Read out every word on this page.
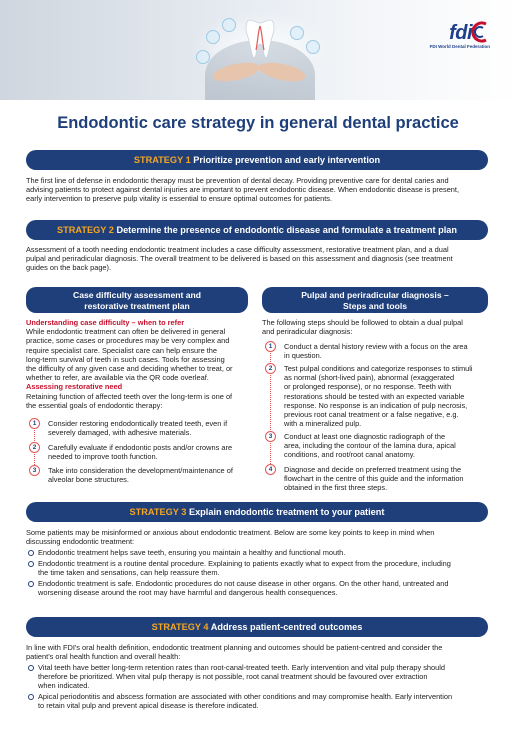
fdi
FDI World Dental Federation
Endodontic care strategy in general dental practice
STRATEGY 1 Prioritize prevention and early intervention
The first line of defense in endodontic therapy must be prevention of dental decay. Providing preventive care for dental caries and
advising patients to protect against dental injuries are important to prevent endodontic disease. When endodontic disease is present,
early intervention to preserve pulp vitality is essential to ensure optimal outcomes for patients.
STRATEGY 2 Determine the presence of endodontic disease and formulate a treatment plan
Assessment of a tooth needing endodontic treatment includes a case difficulty assessment, restorative treatment plan, and a dual
pulpal and periradicular diagnosis. The overall treatment to be delivered is based on this assessment and diagnosis (see treatment
guides on the back page).
Case difficulty assessment and
restorative treatment plan
Pulpal and periradicular diagnosis –
Steps and tools
Understanding case difficulty – when to refer
While endodontic treatment can often be delivered in general
practice, some cases or procedures may be very complex and
require specialist care. Specialist care can help ensure the
long-term survival of teeth in such cases. Tools for assessing
the difficulty of any given case and deciding whether to treat, or
whether to refer, are available via the QR code overleaf.
Assessing restorative need
Retaining function of affected teeth over the long-term is one of
the essential goals of endodontic therapy:
1	Consider restoring endodontically treated teeth, even if
severely damaged, with adhesive materials.
2	Carefully evaluate if endodontic posts and/or crowns are
needed to improve tooth function.
3	Take into consideration the development/maintenance of
alveolar bone structures.
The following steps should be followed to obtain a dual pulpal
and periradicular diagnosis:
1	Conduct a dental history review with a focus on the area
in question.
2	Test pulpal conditions and categorize responses to stimuli
as normal (short-lived pain), abnormal (exaggerated
or prolonged response), or no response. Teeth with
restorations should be tested with an expected variable
response. No response is an indication of pulp necrosis,
previous root canal treatment or a false negative, e.g.
with a mineralized pulp.
3	Conduct at least one diagnostic radiograph of the
area, including the contour of the lamina dura, apical
conditions, and root/root canal anatomy.
4	Diagnose and decide on preferred treatment using the
flowchart in the centre of this guide and the information
obtained in the first three steps.
STRATEGY 3 Explain endodontic treatment to your patient
Some patients may be misinformed or anxious about endodontic treatment. Below are some key points to keep in mind when
discussing endodontic treatment:
Endodontic treatment helps save teeth, ensuring you maintain a healthy and functional mouth.
Endodontic treatment is a routine dental procedure. Explaining to patients exactly what to expect from the procedure, including
the time taken and sensations, can help reassure them.
Endodontic treatment is safe. Endodontic procedures do not cause disease in other organs. On the other hand, untreated and
worsening disease around the root may have harmful and dangerous health consequences.
STRATEGY 4 Address patient-centred outcomes
In line with FDI's oral health definition, endodontic treatment planning and outcomes should be patient-centred and consider the
patient's oral health function and overall health:
Vital teeth have better long-term retention rates than root-canal-treated teeth. Early intervention and vital pulp therapy should
therefore be prioritized. When vital pulp therapy is not possible, root canal treatment should be favoured over extraction
when indicated.
Apical periodontitis and abscess formation are associated with other conditions and may compromise health. Early intervention
to retain vital pulp and prevent apical disease is therefore indicated.
